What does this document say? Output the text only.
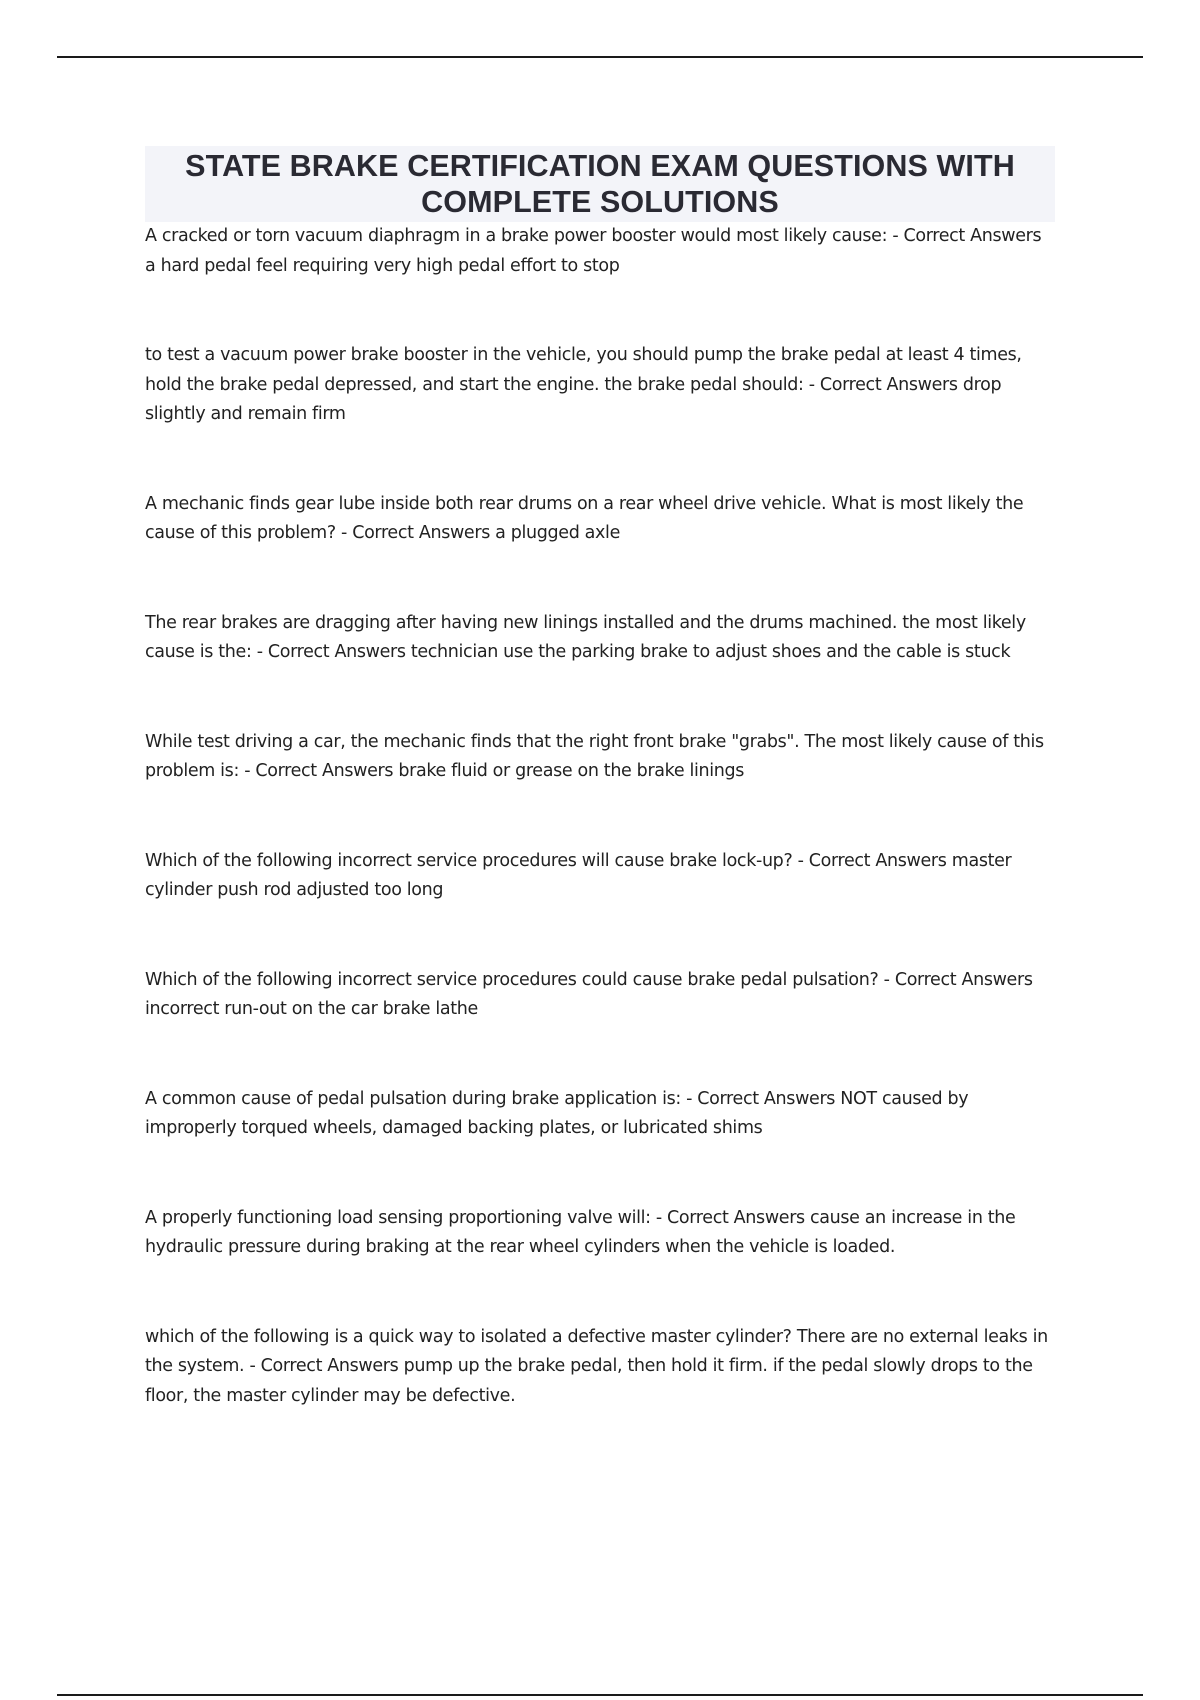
STATE BRAKE CERTIFICATION EXAM QUESTIONS WITH COMPLETE SOLUTIONS
A cracked or torn vacuum diaphragm in a brake power booster would most likely cause: - Correct Answers a hard pedal feel requiring very high pedal effort to stop
to test a vacuum power brake booster in the vehicle, you should pump the brake pedal at least 4 times, hold the brake pedal depressed, and start the engine. the brake pedal should: - Correct Answers drop slightly and remain firm
A mechanic finds gear lube inside both rear drums on a rear wheel drive vehicle. What is most likely the cause of this problem? - Correct Answers a plugged axle
The rear brakes are dragging after having new linings installed and the drums machined. the most likely cause is the: - Correct Answers technician use the parking brake to adjust shoes and the cable is stuck
While test driving a car, the mechanic finds that the right front brake "grabs". The most likely cause of this problem is: - Correct Answers brake fluid or grease on the brake linings
Which of the following incorrect service procedures will cause brake lock-up? - Correct Answers master cylinder push rod adjusted too long
Which of the following incorrect service procedures could cause brake pedal pulsation? - Correct Answers incorrect run-out on the car brake lathe
A common cause of pedal pulsation during brake application is: - Correct Answers NOT caused by improperly torqued wheels, damaged backing plates, or lubricated shims
A properly functioning load sensing proportioning valve will: - Correct Answers cause an increase in the hydraulic pressure during braking at the rear wheel cylinders when the vehicle is loaded.
which of the following is a quick way to isolated a defective master cylinder? There are no external leaks in the system. - Correct Answers pump up the brake pedal, then hold it firm. if the pedal slowly drops to the floor, the master cylinder may be defective.
